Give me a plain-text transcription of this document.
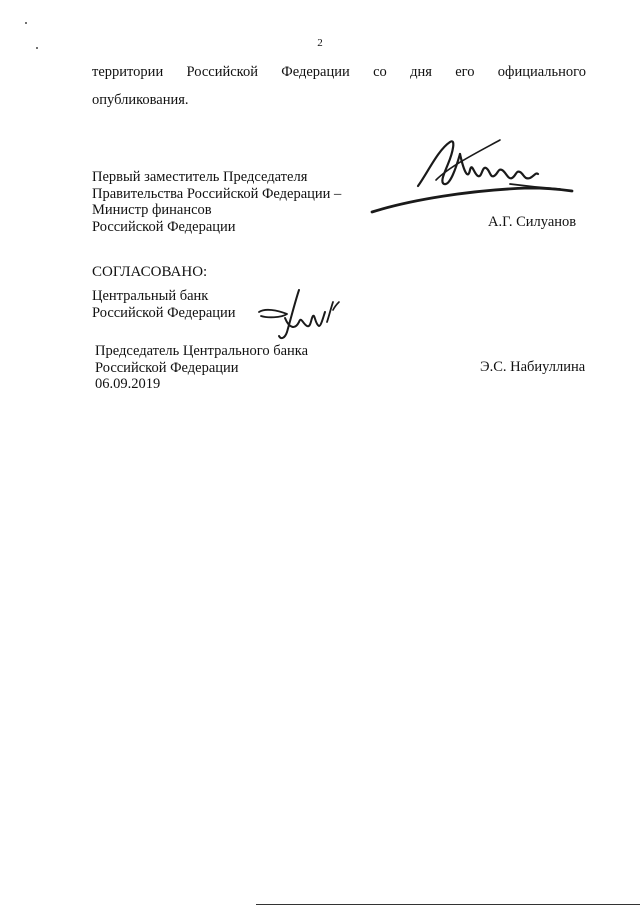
2
территории Российской Федерации со дня его официального
опубликования.
Первый заместитель Председателя
Правительства Российской Федерации –
Министр финансов
Российской Федерации	А.Г. Силуанов
СОГЛАСОВАНО:
Центральный банк
Российской Федерации
Председатель Центрального банка
Российской Федерации
06.09.2019
Э.С. Набиуллина
